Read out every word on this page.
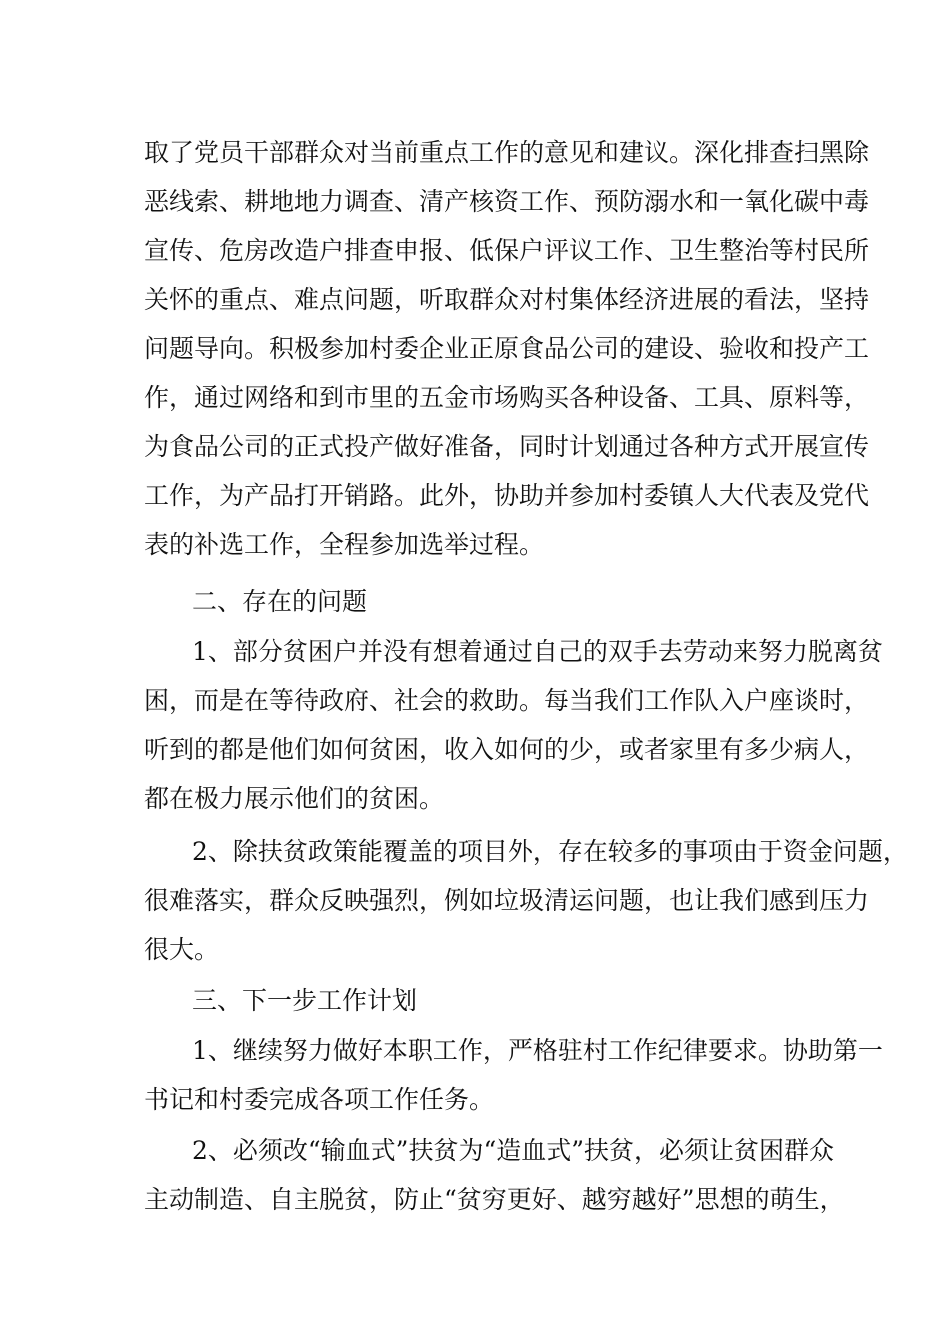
取了党员干部群众对当前重点工作的意见和建议。深化排查扫黑除
恶线索、耕地地力调查、清产核资工作、预防溺水和一氧化碳中毒
宣传、危房改造户排查申报、低保户评议工作、卫生整治等村民所
关怀的重点、难点问题，听取群众对村集体经济进展的看法，坚持
问题导向。积极参加村委企业正原食品公司的建设、验收和投产工
作，通过网络和到市里的五金市场购买各种设备、工具、原料等，
为食品公司的正式投产做好准备，同时计划通过各种方式开展宣传
工作，为产品打开销路。此外，协助并参加村委镇人大代表及党代
表的补选工作，全程参加选举过程。
二、存在的问题
1、部分贫困户并没有想着通过自己的双手去劳动来努力脱离贫
困，而是在等待政府、社会的救助。每当我们工作队入户座谈时，
听到的都是他们如何贫困，收入如何的少，或者家里有多少病人，
都在极力展示他们的贫困。
2、除扶贫政策能覆盖的项目外，存在较多的事项由于资金问题，
很难落实，群众反映强烈，例如垃圾清运问题，也让我们感到压力
很大。
三、下一步工作计划
1、继续努力做好本职工作，严格驻村工作纪律要求。协助第一
书记和村委完成各项工作任务。
2、必须改“输血式”扶贫为“造血式”扶贫，必须让贫困群众
主动制造、自主脱贫，防止“贫穷更好、越穷越好”思想的萌生，
